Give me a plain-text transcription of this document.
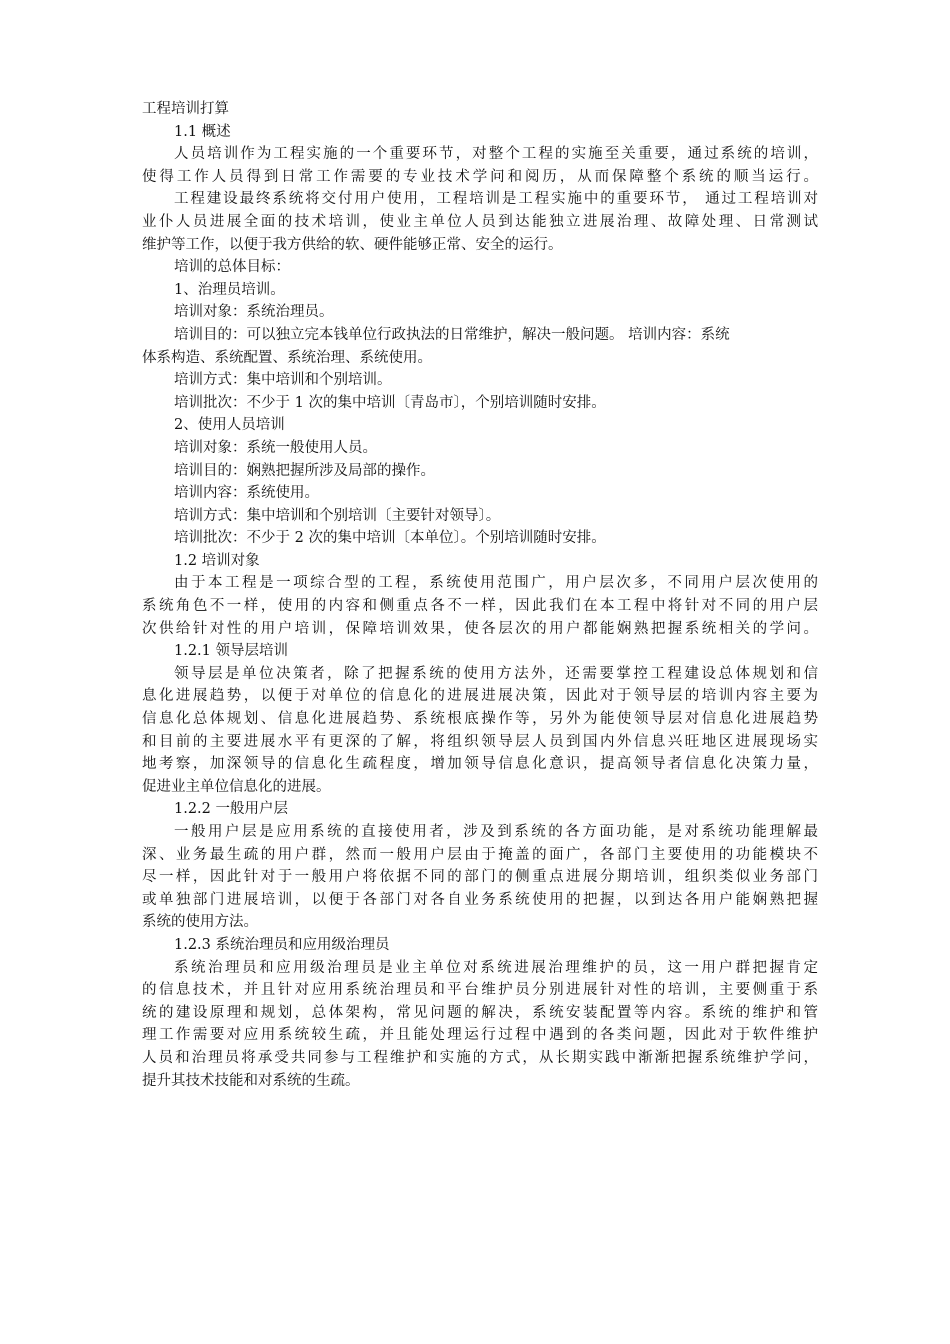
工程培训打算
1.1 概述
人员培训作为工程实施的一个重要环节，对整个工程的实施至关重要，通过系统的培训，
使得工作人员得到日常工作需要的专业技术学问和阅历，从而保障整个系统的顺当运行。
工程建设最终系统将交付用户使用，工程培训是工程实施中的重要环节， 通过工程培训对
业仆人员进展全面的技术培训，使业主单位人员到达能独立进展治理、故障处理、日常测试
维护等工作，以便于我方供给的软、硬件能够正常、安全的运行。
培训的总体目标：
1、治理员培训。
培训对象：系统治理员。
培训目的：可以独立完本钱单位行政执法的日常维护，解决一般问题。 培训内容：系统
体系构造、系统配置、系统治理、系统使用。
培训方式：集中培训和个别培训。
培训批次：不少于 1 次的集中培训〔青岛市〕，个别培训随时安排。
2、使用人员培训
培训对象：系统一般使用人员。
培训目的：娴熟把握所涉及局部的操作。
培训内容：系统使用。
培训方式：集中培训和个别培训〔主要针对领导〕。
培训批次：不少于 2 次的集中培训〔本单位〕。个别培训随时安排。
1.2 培训对象
由于本工程是一项综合型的工程，系统使用范围广，用户层次多，不同用户层次使用的
系统角色不一样，使用的内容和侧重点各不一样，因此我们在本工程中将针对不同的用户层
次供给针对性的用户培训，保障培训效果，使各层次的用户都能娴熟把握系统相关的学问。
1.2.1 领导层培训
领导层是单位决策者，除了把握系统的使用方法外，还需要掌控工程建设总体规划和信
息化进展趋势，以便于对单位的信息化的进展进展决策，因此对于领导层的培训内容主要为
信息化总体规划、信息化进展趋势、系统根底操作等，另外为能使领导层对信息化进展趋势
和目前的主要进展水平有更深的了解，将组织领导层人员到国内外信息兴旺地区进展现场实
地考察，加深领导的信息化生疏程度，增加领导信息化意识，提高领导者信息化决策力量，
促进业主单位信息化的进展。
1.2.2 一般用户层
一般用户层是应用系统的直接使用者，涉及到系统的各方面功能，是对系统功能理解最
深、业务最生疏的用户群，然而一般用户层由于掩盖的面广，各部门主要使用的功能模块不
尽一样，因此针对于一般用户将依据不同的部门的侧重点进展分期培训，组织类似业务部门
或单独部门进展培训，以便于各部门对各自业务系统使用的把握，以到达各用户能娴熟把握
系统的使用方法。
1.2.3 系统治理员和应用级治理员
系统治理员和应用级治理员是业主单位对系统进展治理维护的员，这一用户群把握肯定
的信息技术，并且针对应用系统治理员和平台维护员分别进展针对性的培训，主要侧重于系
统的建设原理和规划，总体架构，常见问题的解决，系统安装配置等内容。系统的维护和管
理工作需要对应用系统较生疏，并且能处理运行过程中遇到的各类问题，因此对于软件维护
人员和治理员将承受共同参与工程维护和实施的方式，从长期实践中渐渐把握系统维护学问，
提升其技术技能和对系统的生疏。
